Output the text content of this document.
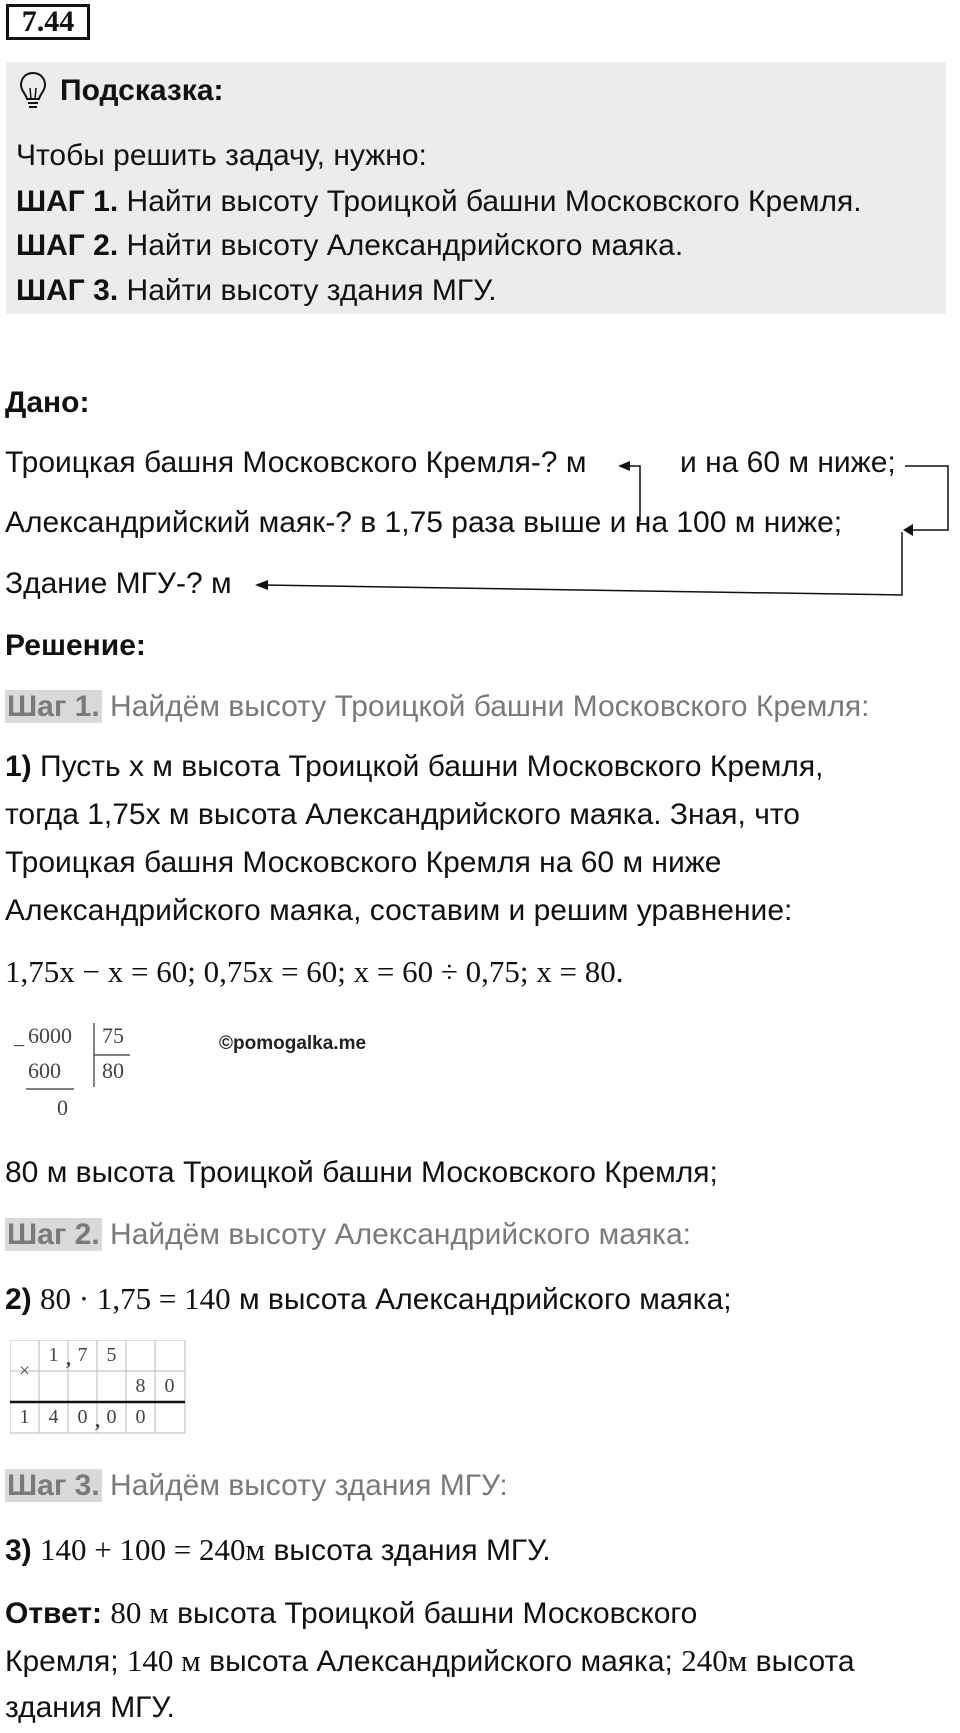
7.44
Подсказка:
Чтобы решить задачу, нужно:
ШАГ 1. Найти высоту Троицкой башни Московского Кремля.
ШАГ 2. Найти высоту Александрийского маяка.
ШАГ 3. Найти высоту здания МГУ.
Дано:
Троицкая башня Московского Кремля-? м	и на 60 м ниже;
Александрийский маяк-? в 1,75 раза выше и на 100 м ниже;
Здание МГУ-? м
Решение:
Шаг 1. Найдём высоту Троицкой башни Московского Кремля:
1) Пусть x м высота Троицкой башни Московского Кремля,
тогда 1,75x м высота Александрийского маяка. Зная, что
Троицкая башня Московского Кремля на 60 м ниже
Александрийского маяка, составим и решим уравнение:
1,75x − x = 60; 0,75x = 60; x = 60 ÷ 0,75; x = 80.
− 6000 75
600 80
0
©pomogalka.me
80 м высота Троицкой башни Московского Кремля;
Шаг 2. Найдём высоту Александрийского маяка:
2) 80 · 1,75 = 140 м высота Александрийского маяка;
×
1 , 7 5
8 0
1 4 0 , 0 0
Шаг 3. Найдём высоту здания МГУ:
3) 140 + 100 = 240м высота здания МГУ.
Ответ: 80 м высота Троицкой башни Московского
Кремля; 140 м высота Александрийского маяка; 240м высота
здания МГУ.
